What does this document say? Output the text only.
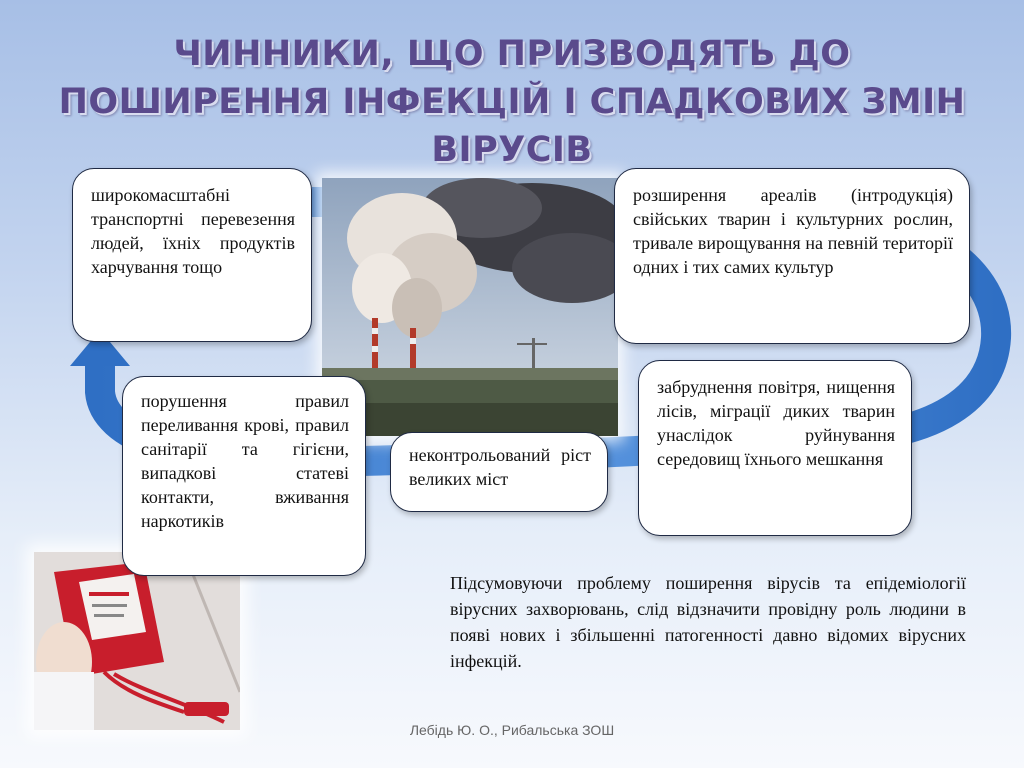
ЧИННИКИ, ЩО ПРИЗВОДЯТЬ ДО ПОШИРЕННЯ ІНФЕКЦІЙ І СПАДКОВИХ ЗМІН ВІРУСІВ
широкомасштабні транспортні перевезення людей, їхніх продуктів харчування тощо
розширення ареалів (інтродукція) свійських тварин і культурних рослин, тривале вирощування на певній території одних і тих самих культур
забруднення повітря, нищення лісів, міграції диких тварин унаслідок руйнування середовищ їхнього мешкання
неконтрольований ріст великих міст
порушення правил переливання крові, правил санітарії та гігієни, випадкові статеві контакти, вживання наркотиків

Підсумовуючи проблему поширення вірусів та епідеміології вірусних захворювань, слід відзначити провідну роль людини в появі нових і збільшенні патогенності давно відомих вірусних інфекцій.

Лебідь Ю. О., Рибальська ЗОШ
